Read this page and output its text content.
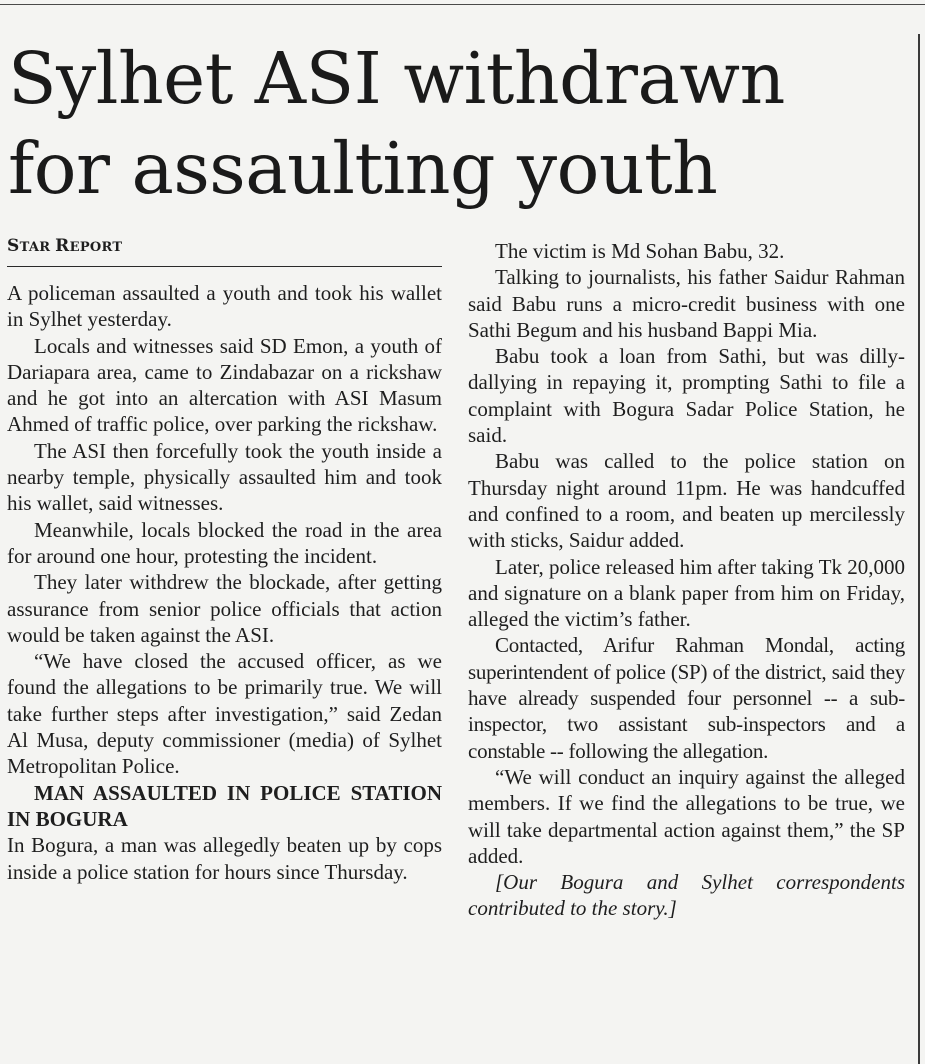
Sylhet ASI withdrawn
for assaulting youth
STAR REPORT

A policeman assaulted a youth and took his wallet in Sylhet yesterday.

Locals and witnesses said SD Emon, a youth of Dariapara area, came to Zindabazar on a rickshaw and he got into an altercation with ASI Masum Ahmed of traffic police, over parking the rickshaw.

The ASI then forcefully took the youth inside a nearby temple, physically assaulted him and took his wallet, said witnesses.

Meanwhile, locals blocked the road in the area for around one hour, protesting the incident.

They later withdrew the blockade, after getting assurance from senior police officials that action would be taken against the ASI.

“We have closed the accused officer, as we found the allegations to be primarily true. We will take further steps after investigation,” said Zedan Al Musa, deputy commissioner (media) of Sylhet Metropolitan Police.

MAN ASSAULTED IN POLICE STATION IN BOGURA

In Bogura, a man was allegedly beaten up by cops inside a police station for hours since Thursday.

The victim is Md Sohan Babu, 32.

Talking to journalists, his father Saidur Rahman said Babu runs a micro-credit business with one Sathi Begum and his husband Bappi Mia.

Babu took a loan from Sathi, but was dilly-dallying in repaying it, prompting Sathi to file a complaint with Bogura Sadar Police Station, he said.

Babu was called to the police station on Thursday night around 11pm. He was handcuffed and confined to a room, and beaten up mercilessly with sticks, Saidur added.

Later, police released him after taking Tk 20,000 and signature on a blank paper from him on Friday, alleged the victim’s father.

Contacted, Arifur Rahman Mondal, acting superintendent of police (SP) of the district, said they have already suspended four personnel -- a sub-inspector, two assistant sub-inspectors and a constable -- following the allegation.

“We will conduct an inquiry against the alleged members. If we find the allegations to be true, we will take departmental action against them,” the SP added.

[Our Bogura and Sylhet correspondents contributed to the story.]
